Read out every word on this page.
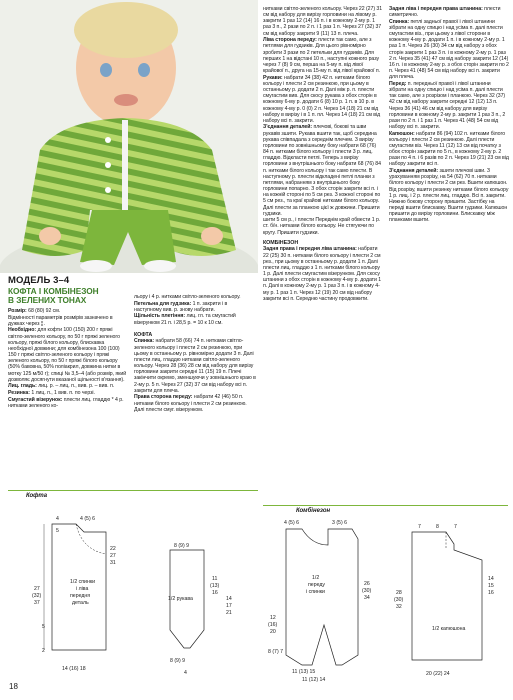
МОДЕЛЬ 3–4
КОФТА І КОМБІНЕЗОН
В ЗЕЛЕНИХ ТОНАХ

Розмір: 68 (80) 92 см.

Відмінності параметрів розмірів зазначено в дужках через ¦¦.

Необхідно: для кофти 100 (150) 200 г пряжі світло-зеленого кольору, по 50 г пряжі зеленого кольору, пряжі білого кольору, блискавка необхідної довжини; для комбінезона 100 (100) 150 г пряжі світло-зеленого кольору і пряжі зеленого кольору, по 50 г пряжі білого кольору (50% бавовна, 50% поліакрил, довжина нитки в мотку 125 м/50 г); спиці № 3,5–4 (або розмір, який дозволяє досягнути вказаної щільності в'язання).

Лиц. гладь: лиц. р. – лиц. п., вив. р. – вив. п.

Резинка: 1 лиц. п., 1 вив. п. по черзі.

Смугастий візерунок: плести лиц. гладдю * 4 р. нитками зеленого ко-

льору і 4 р. нитками світло-зеленого кольору.

Петельна для гудзика: 1 п. закрити і в наступному вив. р. знову набрати.

Щільність плетіння: лиц. гл. та смугастий візерунком 21 п. і 28,5 р. = 10 к 10 см.

КОФТА

Спинка: набрати 58 (66) 74 п. нитками світло-зеленого кольору і плести 2 см резинкою, при цьому в останньому р. рівномірно додати 3 п. Далі плести лиц. гладдю нитками світло-зеленого кольору. Через 28 (36) 28 см від набору для вирізу горловини закрити середні 11 (15) 19 п. Плечі закінчити окремо, зменшуючи у зовнішнього краю в 2-му р. 5 п. Через 27 (32) 37 см від набору всі п. закрити для плеча.

Права сторона переду: набрати 42 (46) 50 п. нитками білого кольору і плести 2 см резинкою. Далі плести смуг. візерунком.

нитками світло-зеленого кольору. Через 22 (27) 31 см від набору для вирізу горловини на лівому р. закрити 1 раз 12 (14) 16 п. і в кожному 2-му р. 1 раз 3 п., 2 рази по 2 п. і 1 раз 1 п. Через 27 (32) 37 см від набору закрити 9 (11) 13 п. плеча.

Ліва сторона переду: плести так само, але з петлями для гудзиків. Для цього рівномірно зробити 3 рази по 2 петельки для гудзиків. Для перших 1 на відстані 10 п., наступні кожного разу через 7 (8) 9 см, перша на 5-му п. від лівої крайової п., друга на 15-му п. від лівої крайової п.

Рукави: набрати 34 (38) 42 п. нитками білого кольору і плести 2 см резинкою, при цьому в останньому р. додати 2 п. Далі між р. п. плести смугастим вив. Для скосу рукава з обох сторін в кожному 6-му р. додати 6 (8) 10 р. 1 п. в 10 р. в кожному 4-му р. 0 (0) 2 п. Через 14 (18) 21 см від набору в вирізу і в 1 п. пл. Через 14 (18) 21 см від набору всі п. закрити.

З'єднання деталей: плечові, бокові та шви рукавів зшити. Рукава вшити так, щоб середина рукава співпадала з середнім плечем. З вирізу горловини по зовнішньому боку набрати 68 (76) 84 п. нитками білого кольору і плести 3 р. лиц. гладдю. Відкласти петлі. Теперь з вирізу горловини з внутрішнього боку набрати 68 (76) 84 п. нитками білого кольору і так само плести. В наступному р. плести відкладені петлі планки з петлями, набранням з внутрішнього боку горловини попарно. З обох сторін закрити всі п. і на кожній стороні по 5 см рез. З кожної стороні по 5 см рез., та краї крайові нитками білого кольору. Далі плести за планкою цієї ж довжини. Пришити гудзики.

шити 5 см р., і плести Переднім край обвести 1 р. ст. б/н. нитками білого кольору. Не стягуючи по кругу. Пришити гудзики.

КОМБІНЕЗОН

Задня права і передня ліва штанина: набрати 22 (25) 30 п. нитками білого кольору і плести 2 см рез., при цьому в останньому р. додати 1 п. Далі плести лиц. гладдю з 1 п. нитками білого кольору 1 р. Далі плести смугастим візерунком. Для скосу штанини з обох сторін в кожному 4-му р. додати 1 п. Далі в кожному 2-му р. 1 раз 3 п. і в кожному 4-му р. 1 раз 1 п. Через 12 (19) 20 см від набору закрити всі п. Середню частину продовжити.

Задня ліва і передня права штанина: плести симетрично.

Спинка: петлі задньої правої і лівої штанини зібрати на одну спицю і над усіма п. далі плести смугастим віз., при цьому з лівої сторони в кожному 4-му р. додати 1 п. і в кожному 2-му р. 1 раз 1 п. Через 26 (30) 34 см від набору з обох сторін закрити 1 раз 3 п. і в кожному 2-му р. 1 раз 2 п. Через 35 (41) 47 см від набору закрити 12 (14) 16 п. і в кожному 2-му р. з обох сторін закрити по 2 п. Через 41 (48) 54 см від набору всі п. закрити для плеча.

Перед: п. передньої правої і лівої штанини зібрати на одну спицю і над усіма п. далі плести так само, але з розрізом і планкою. Через 32 (37) 42 см від набору закрити середні 12 (12) 13 п. Через 36 (41) 46 см від набору для вирізу горловини в кожному 2-му р. закрити 1 раз 3 п., 2 рази по 2 п. і 1 раз 1 п. Через 41 (48) 54 см від набору всі п. закрити.

Капюшон: набрати 86 (94) 102 п. нитками білого кольору і плести 2 см резинкою. Далі плести смугастим віз. Через 11 (12) 13 см від початку з обох сторін закрити по 5 п., в кожному 2-му р. 2 рази по 4 п. і 6 разів по 2 п. Через 19 (21) 23 см від набору закрити всі п.

З'єднання деталей: зшити плечові шви. З урахуванням розрізу, на 54 (62) 70 п. нитками білого кольору і плести 2 см рез. Вшити капюшон. Від розрізу, вшити резинку нитками білого кольору 1 р. лиц. і 2 р. плести лиц. гладдю. Всі п. закрити. Нижню бокову сторону пришити. Застібку на переді вшити блискавку. Вшити гудзики. Капюшон пришити до вирізу горловини. Блискавку між планками вшити.

Кофта
Комбінезон
1/2 спинки
і ліва
передня
деталь
4
5
4 (5) 6
22
27
31
27
(32)
37
14 (16) 18
2
5
1/2 рукава
8 (9) 9
11
(13)
16
14
17
21
8 (9) 9
4
1/2
переду
і спинки
4 (5) 6	3 (5) 6
26
(30)
34
12
(16)
20
11 (13) 15
8 (7) 7
11 (12) 14
1/2 капюшона
7	8	7
14
15
16
28
(30)
32
20 (22) 24
18
